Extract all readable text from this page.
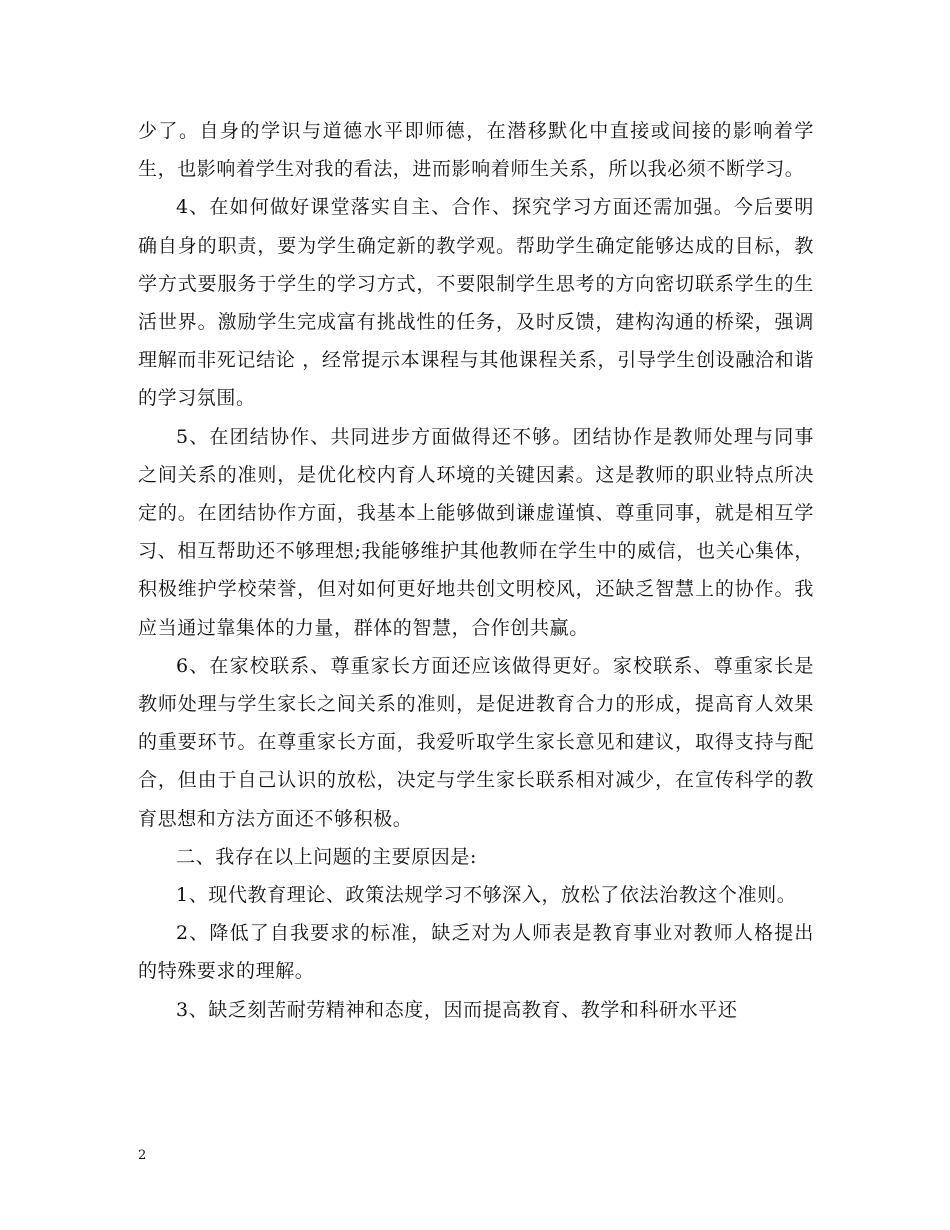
少了。自身的学识与道德水平即师德，在潜移默化中直接或间接的影响着学生，也影响着学生对我的看法，进而影响着师生关系，所以我必须不断学习。

4、在如何做好课堂落实自主、合作、探究学习方面还需加强。今后要明确自身的职责，要为学生确定新的教学观。帮助学生确定能够达成的目标，教学方式要服务于学生的学习方式，不要限制学生思考的方向密切联系学生的生活世界。激励学生完成富有挑战性的任务，及时反馈，建构沟通的桥梁，强调理解而非死记结论 ，经常提示本课程与其他课程关系，引导学生创设融洽和谐的学习氛围。

5、在团结协作、共同进步方面做得还不够。团结协作是教师处理与同事之间关系的准则，是优化校内育人环境的关键因素。这是教师的职业特点所决定的。在团结协作方面，我基本上能够做到谦虚谨慎、尊重同事，就是相互学习、相互帮助还不够理想;我能够维护其他教师在学生中的威信，也关心集体，积极维护学校荣誉，但对如何更好地共创文明校风，还缺乏智慧上的协作。我应当通过靠集体的力量，群体的智慧，合作创共赢。

6、在家校联系、尊重家长方面还应该做得更好。家校联系、尊重家长是教师处理与学生家长之间关系的准则，是促进教育合力的形成，提高育人效果的重要环节。在尊重家长方面，我爱听取学生家长意见和建议，取得支持与配合，但由于自己认识的放松，决定与学生家长联系相对减少，在宣传科学的教育思想和方法方面还不够积极。

二、我存在以上问题的主要原因是:

1、现代教育理论、政策法规学习不够深入，放松了依法治教这个准则。

2、降低了自我要求的标准，缺乏对为人师表是教育事业对教师人格提出的特殊要求的理解。

3、缺乏刻苦耐劳精神和态度，因而提高教育、教学和科研水平还

2
